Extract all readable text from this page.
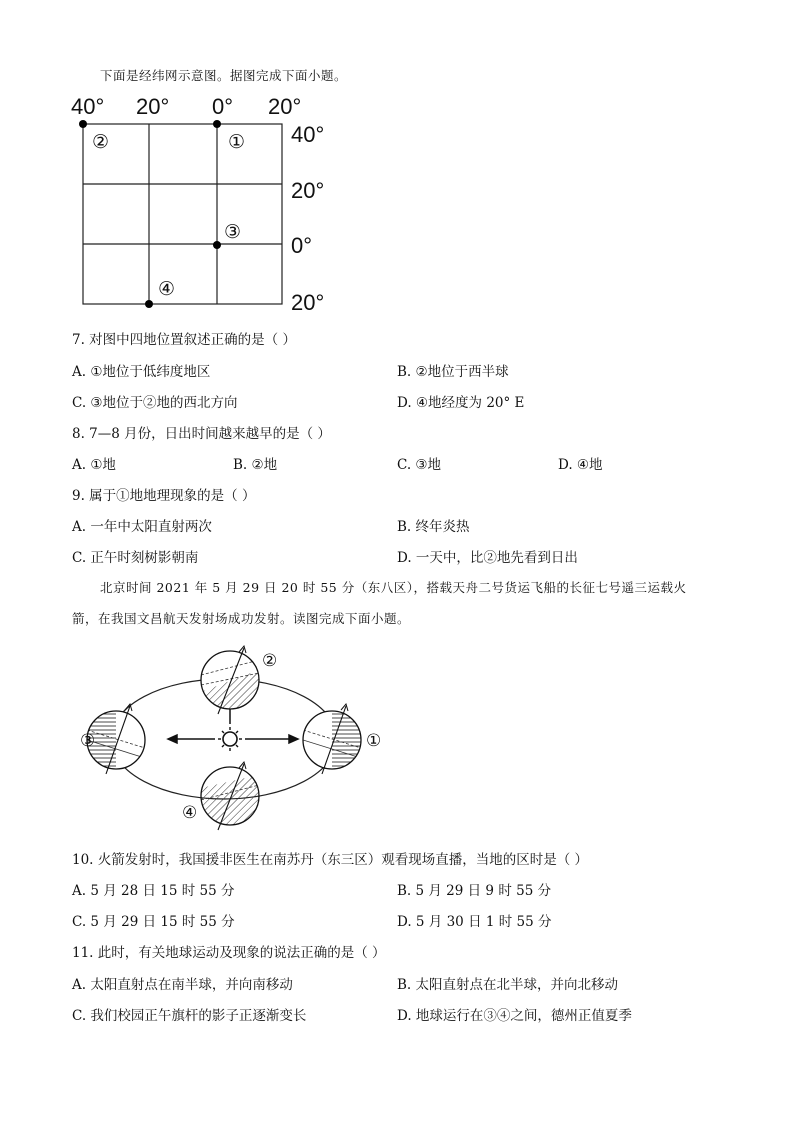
下面是经纬网示意图。据图完成下面小题。
40° 20° 0° 20°
40°
20°
0°
20°
②	①
③
④
7. 对图中四地位置叙述正确的是（ ）
A. ①地位于低纬度地区	B. ②地位于西半球
C. ③地位于②地的西北方向	D. ④地经度为 20° E
8. 7—8 月份，日出时间越来越早的是（ ）
A. ①地	B. ②地	C. ③地	D. ④地
9. 属于①地地理现象的是（ ）
A. 一年中太阳直射两次	B. 终年炎热
C. 正午时刻树影朝南	D. 一天中，比②地先看到日出
北京时间 2021 年 5 月 29 日 20 时 55 分（东八区），搭载天舟二号货运飞船的长征七号遥三运载火
箭，在我国文昌航天发射场成功发射。读图完成下面小题。
②
③	①
④
10. 火箭发射时，我国援非医生在南苏丹（东三区）观看现场直播，当地的区时是（ ）
A. 5 月 28 日 15 时 55 分	B. 5 月 29 日 9 时 55 分
C. 5 月 29 日 15 时 55 分	D. 5 月 30 日 1 时 55 分
11. 此时，有关地球运动及现象的说法正确的是（ ）
A. 太阳直射点在南半球，并向南移动	B. 太阳直射点在北半球，并向北移动
C. 我们校园正午旗杆的影子正逐渐变长	D. 地球运行在③④之间，德州正值夏季
